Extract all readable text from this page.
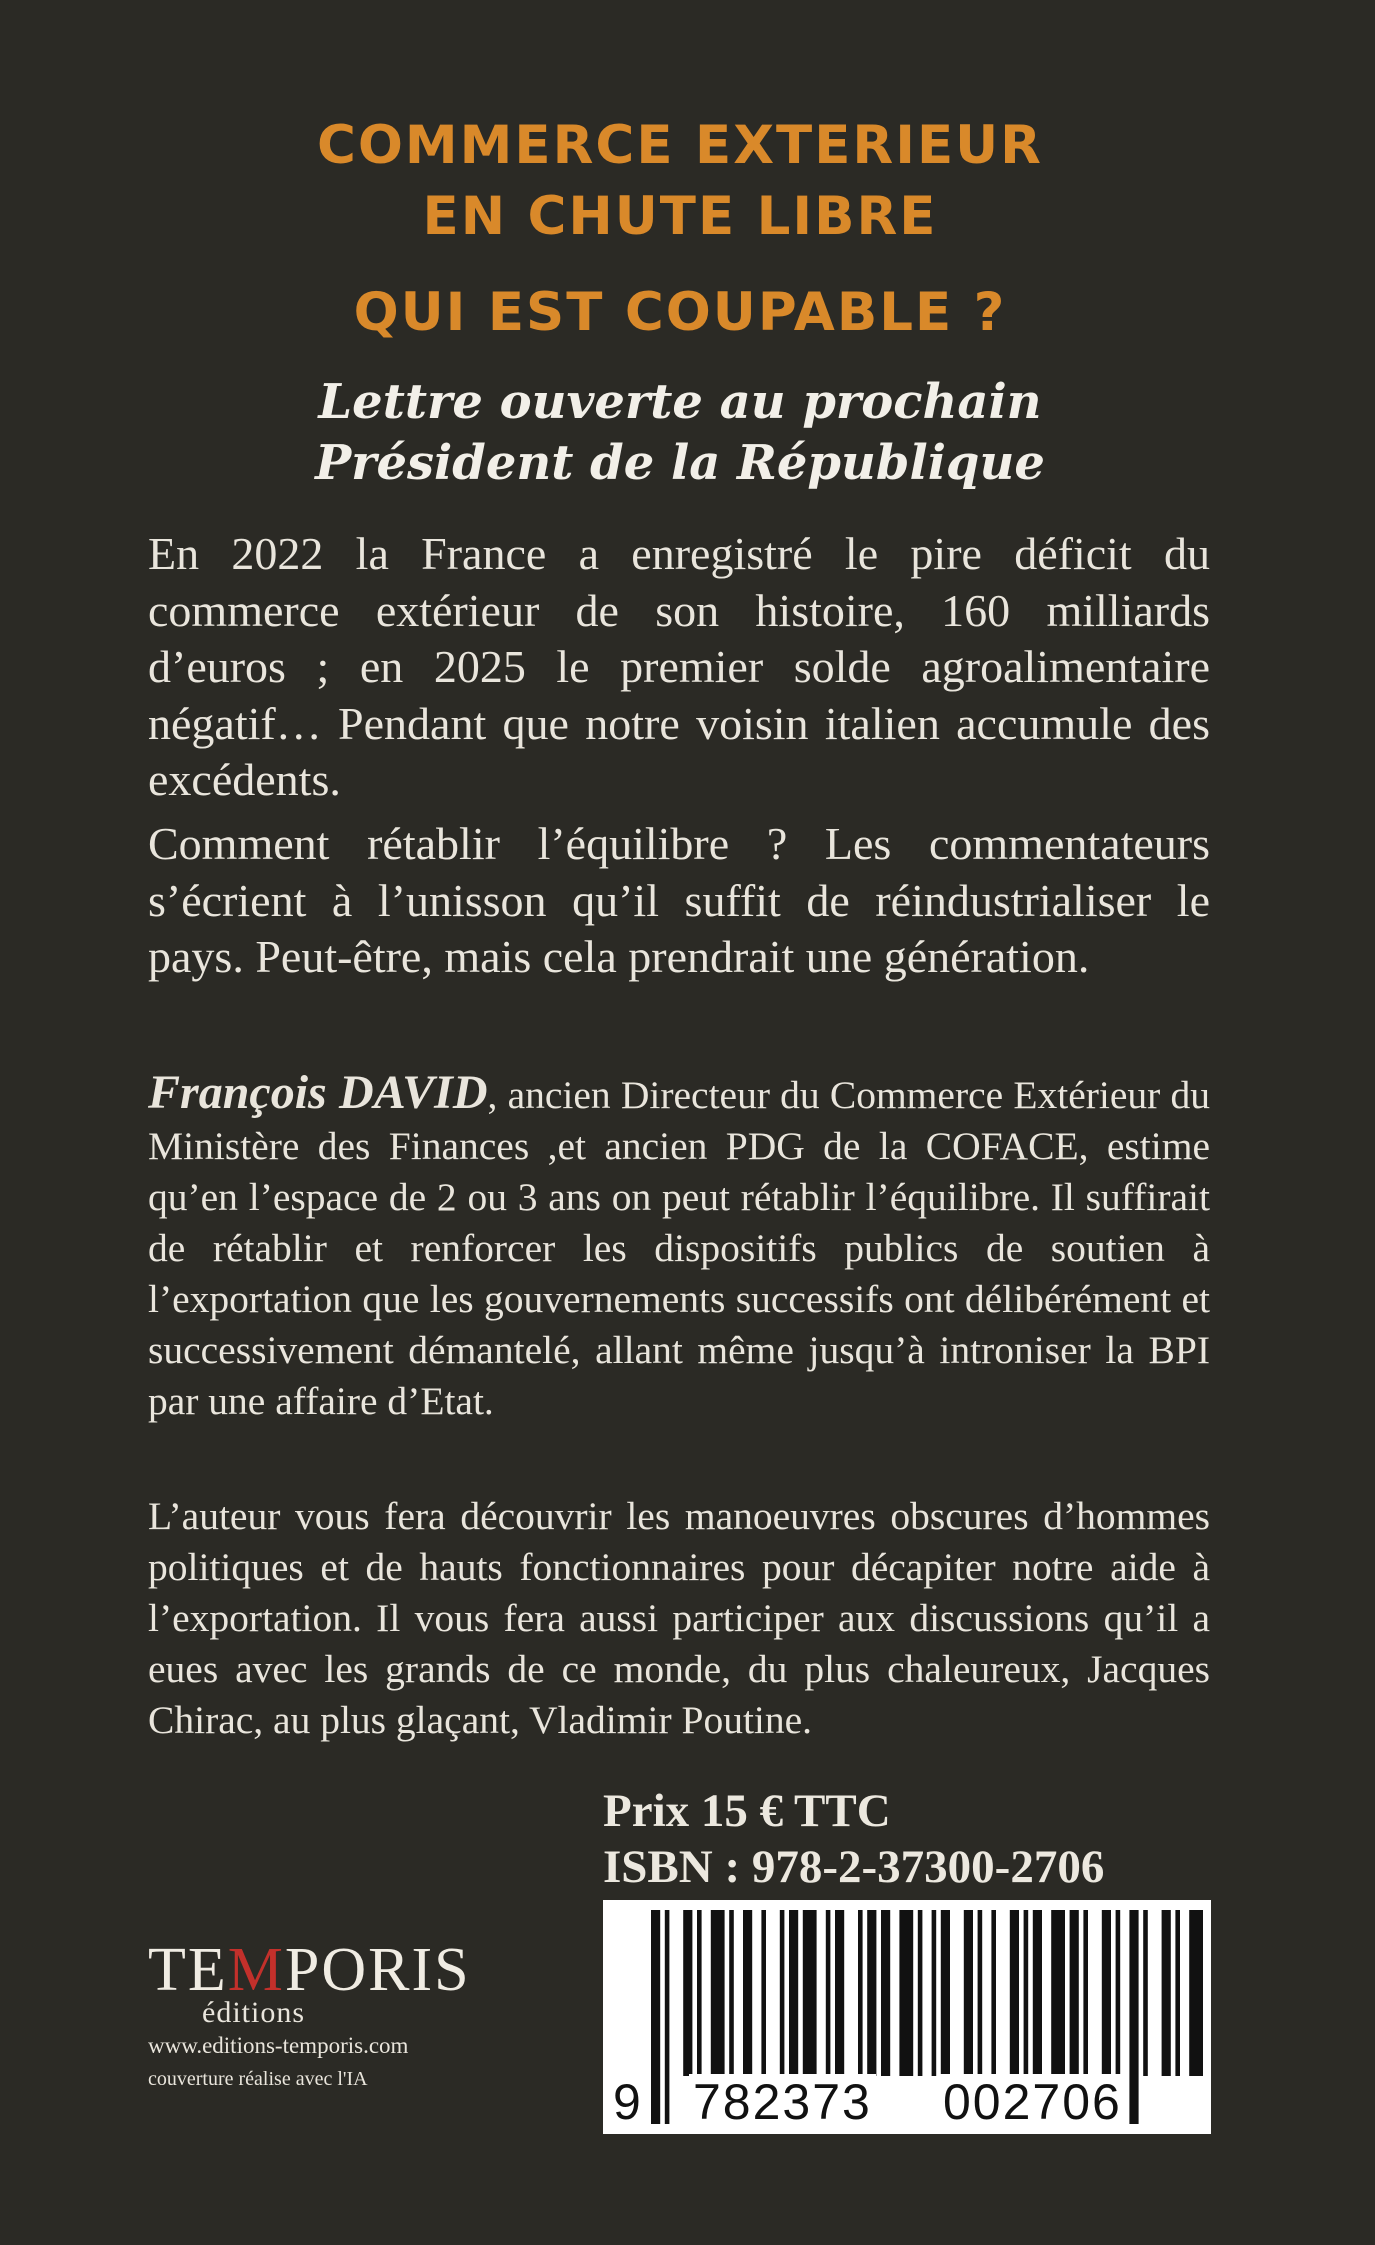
COMMERCE EXTERIEUR
EN CHUTE LIBRE
QUI EST COUPABLE ?
Lettre ouverte au prochain
Président de la République

En 2022 la France a enregistré le pire déficit du commerce extérieur de son histoire, 160 milliards d’euros ; en 2025 le premier solde agroalimentaire négatif… Pendant que notre voisin italien accumule des excédents.

Comment rétablir l’équilibre ? Les commentateurs s’écrient à l’unisson qu’il suffit de réindustrialiser le pays. Peut-être, mais cela prendrait une génération.

François DAVID, ancien Directeur du Commerce Extérieur du Ministère des Finances ,et ancien PDG de la COFACE, estime qu’en l’espace de 2 ou 3 ans on peut rétablir l’équilibre. Il suffirait de rétablir et renforcer les dispositifs publics de soutien à l’exportation que les gouvernements successifs ont délibérément et successivement démantelé, allant même jusqu’à introniser la BPI par une affaire d’Etat.

L’auteur vous fera découvrir les manoeuvres obscures d’hommes politiques et de hauts fonctionnaires pour décapiter notre aide à l’exportation. Il vous fera aussi participer aux discussions qu’il a eues avec les grands de ce monde, du plus chaleureux, Jacques Chirac, au plus glaçant, Vladimir Poutine.

Prix 15 € TTC
ISBN : 978-2-37300-2706
9 782373 002706
TEMPORIS
éditions
www.editions-temporis.com
couverture réalise avec l'IA
